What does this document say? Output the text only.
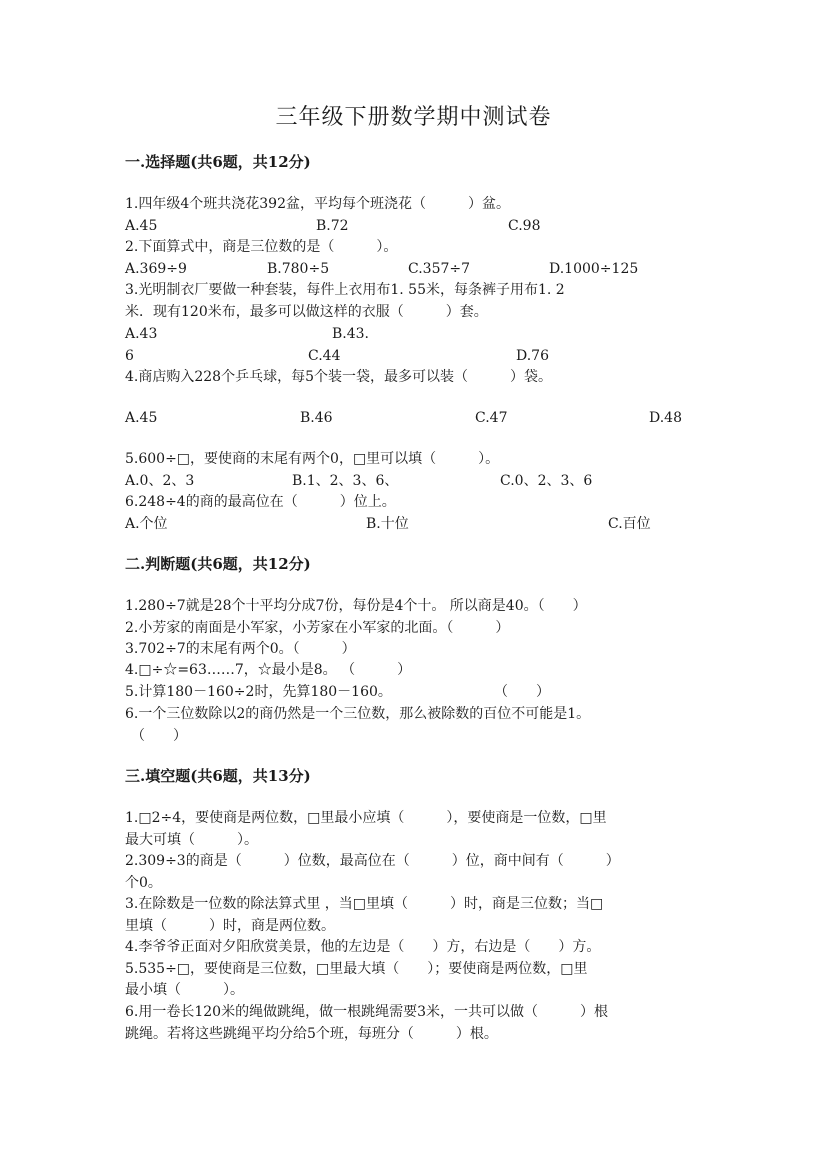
三年级下册数学期中测试卷
一.选择题(共6题，共12分)
1.四年级4个班共浇花392盆，平均每个班浇花（　　　）盆。
A.45	B.72	C.98
2.下面算式中，商是三位数的是（　　　）。
A.369÷9	B.780÷5	C.357÷7	D.1000÷125
3.光明制衣厂要做一种套装，每件上衣用布1. 55米，每条裤子用布1. 2
米．现有120米布，最多可以做这样的衣服（　　　）套。
A.43	B.43.
6	C.44	D.76
4.商店购入228个乒乓球，每5个装一袋，最多可以装（　　　）袋。
A.45	B.46	C.47	D.48
5.600÷□，要使商的末尾有两个0，□里可以填（　　　）。
A.0、2、3	B.1、2、3、6、	C.0、2、3、6
6.248÷4的商的最高位在（　　　）位上。
A.个位	B.十位	C.百位
二.判断题(共6题，共12分)
1.280÷7就是28个十平均分成7份，每份是4个十。 所以商是40。（　　）
2.小芳家的南面是小军家，小芳家在小军家的北面。（　　　）
3.702÷7的末尾有两个0。（　　　）
4.□÷☆=63……7，☆最小是8。 （　　　）
5.计算180－160÷2时，先算180－160。	（　　）
6.一个三位数除以2的商仍然是一个三位数，那么被除数的百位不可能是1。
（　　）
三.填空题(共6题，共13分)
1.□2÷4，要使商是两位数，□里最小应填（　　　），要使商是一位数，□里
最大可填（　　　）。
2.309÷3的商是（　　　）位数，最高位在（　　　）位，商中间有（　　　）
个0。
3.在除数是一位数的除法算式里 ，当□里填（　　　）时，商是三位数；当□
里填（　　　）时，商是两位数。
4.李爷爷正面对夕阳欣赏美景，他的左边是（　　）方，右边是（　　）方。
5.535÷□，要使商是三位数，□里最大填（　　）；要使商是两位数，□里
最小填（　　　）。
6.用一卷长120米的绳做跳绳，做一根跳绳需要3米，一共可以做（　　　）根
跳绳。若将这些跳绳平均分给5个班，每班分（　　　）根。
